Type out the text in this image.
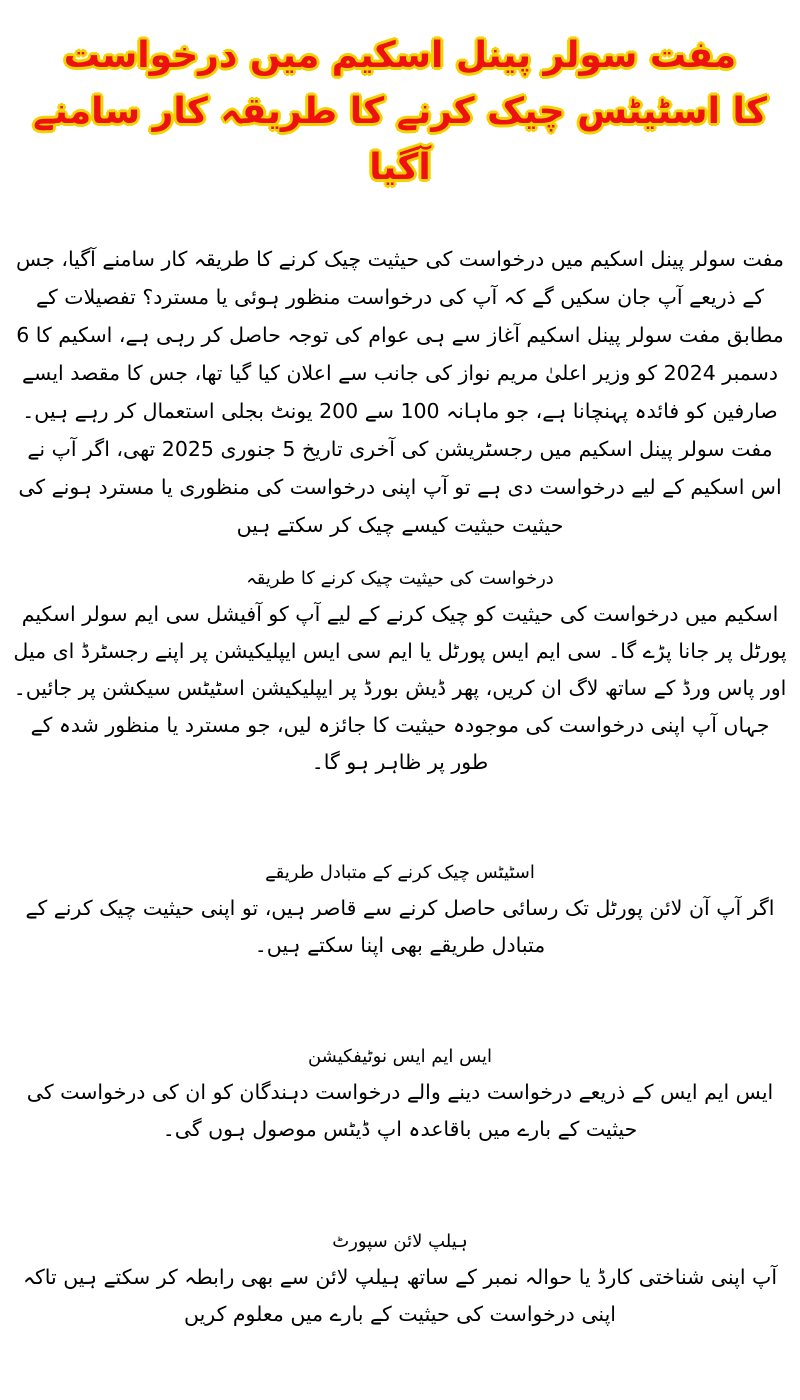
مفت سولر پینل اسکیم میں درخواست
کا اسٹیٹس چیک کرنے کا طریقہ کار سامنے آگیا

مفت سولر پینل اسکیم میں درخواست کی حیثیت چیک کرنے کا طریقہ کار سامنے آگیا، جس کے ذریعے آپ جان سکیں گے کہ آپ کی درخواست منظور ہوئی یا مسترد؟ تفصیلات کے مطابق مفت سولر پینل اسکیم آغاز سے ہی عوام کی توجہ حاصل کر رہی ہے، اسکیم کا 6 دسمبر 2024 کو وزیر اعلیٰ مریم نواز کی جانب سے اعلان کیا گیا تھا، جس کا مقصد ایسے صارفین کو فائدہ پہنچانا ہے، جو ماہانہ 100 سے 200 یونٹ بجلی استعمال کر رہے ہیں۔ مفت سولر پینل اسکیم میں رجسٹریشن کی آخری تاریخ 5 جنوری 2025 تھی، اگر آپ نے اس اسکیم کے لیے درخواست دی ہے تو آپ اپنی درخواست کی منظوری یا مسترد ہونے کی حیثیت حیثیت کیسے چیک کر سکتے ہیں

درخواست کی حیثیت چیک کرنے کا طریقہ

اسکیم میں درخواست کی حیثیت کو چیک کرنے کے لیے آپ کو آفیشل سی ایم سولر اسکیم پورٹل پر جانا پڑے گا۔ سی ایم ایس پورٹل یا ایم سی ایس ایپلیکیشن پر اپنے رجسٹرڈ ای میل اور پاس ورڈ کے ساتھ لاگ ان کریں، پھر ڈیش بورڈ پر ایپلیکیشن اسٹیٹس سیکشن پر جائیں۔ جہاں آپ اپنی درخواست کی موجودہ حیثیت کا جائزہ لیں، جو مسترد یا منظور شدہ کے طور پر ظاہر ہو گا۔

اسٹیٹس چیک کرنے کے متبادل طریقے

اگر آپ آن لائن پورٹل تک رسائی حاصل کرنے سے قاصر ہیں، تو اپنی حیثیت چیک کرنے کے متبادل طریقے بھی اپنا سکتے ہیں۔

ایس ایم ایس نوٹیفکیشن

ایس ایم ایس کے ذریعے درخواست دینے والے درخواست دہندگان کو ان کی درخواست کی حیثیت کے بارے میں باقاعدہ اپ ڈیٹس موصول ہوں گی۔

ہیلپ لائن سپورٹ

آپ اپنی شناختی کارڈ یا حوالہ نمبر کے ساتھ ہیلپ لائن سے بھی رابطہ کر سکتے ہیں تاکہ اپنی درخواست کی حیثیت کے بارے میں معلوم کریں
